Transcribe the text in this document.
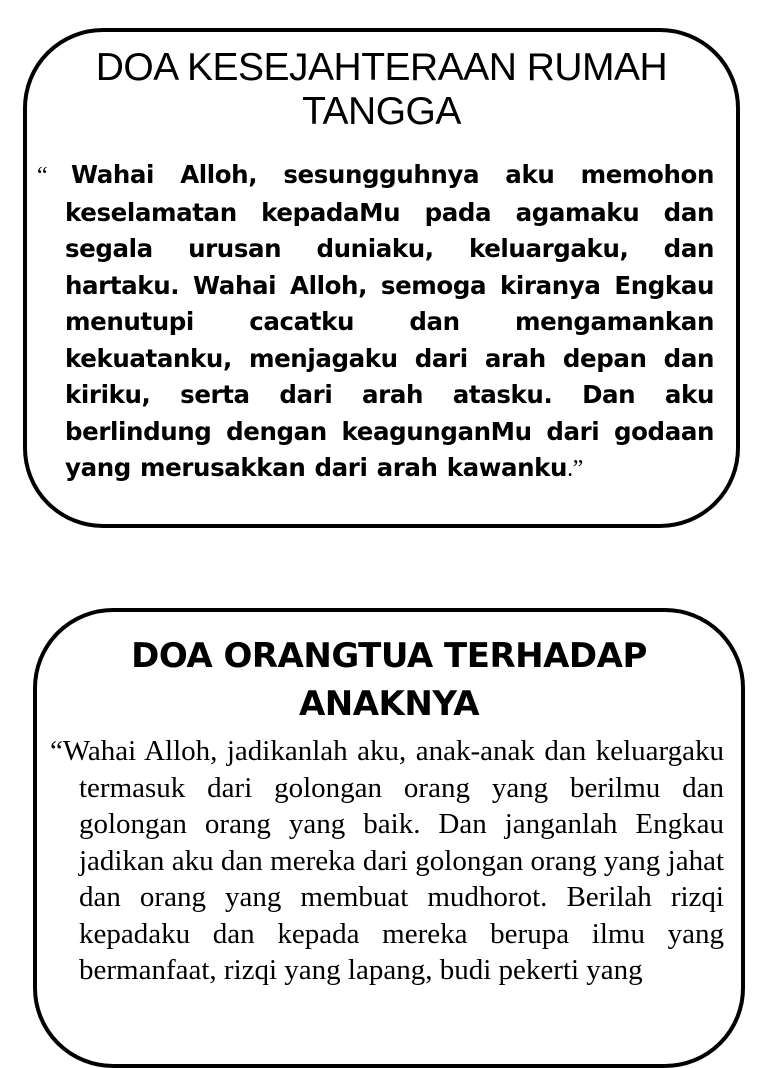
DOA KESEJAHTERAAN RUMAH TANGGA
“ Wahai Alloh, sesungguhnya aku memohon keselamatan kepadaMu pada agamaku dan segala urusan duniaku, keluargaku, dan hartaku. Wahai Alloh, semoga kiranya Engkau menutupi cacatku dan mengamankan kekuatanku, menjagaku dari arah depan dan kiriku, serta dari arah atasku. Dan aku berlindung dengan keagunganMu dari godaan yang merusakkan dari arah kawanku.”
DOA ORANGTUA TERHADAP ANAKNYA
“Wahai Alloh, jadikanlah aku, anak-anak dan keluargaku termasuk dari golongan orang yang berilmu dan golongan orang yang baik. Dan janganlah Engkau jadikan aku dan mereka dari golongan orang yang jahat dan orang yang membuat mudhorot. Berilah rizqi kepadaku dan kepada mereka berupa ilmu yang bermanfaat, rizqi yang lapang, budi pekerti yang
